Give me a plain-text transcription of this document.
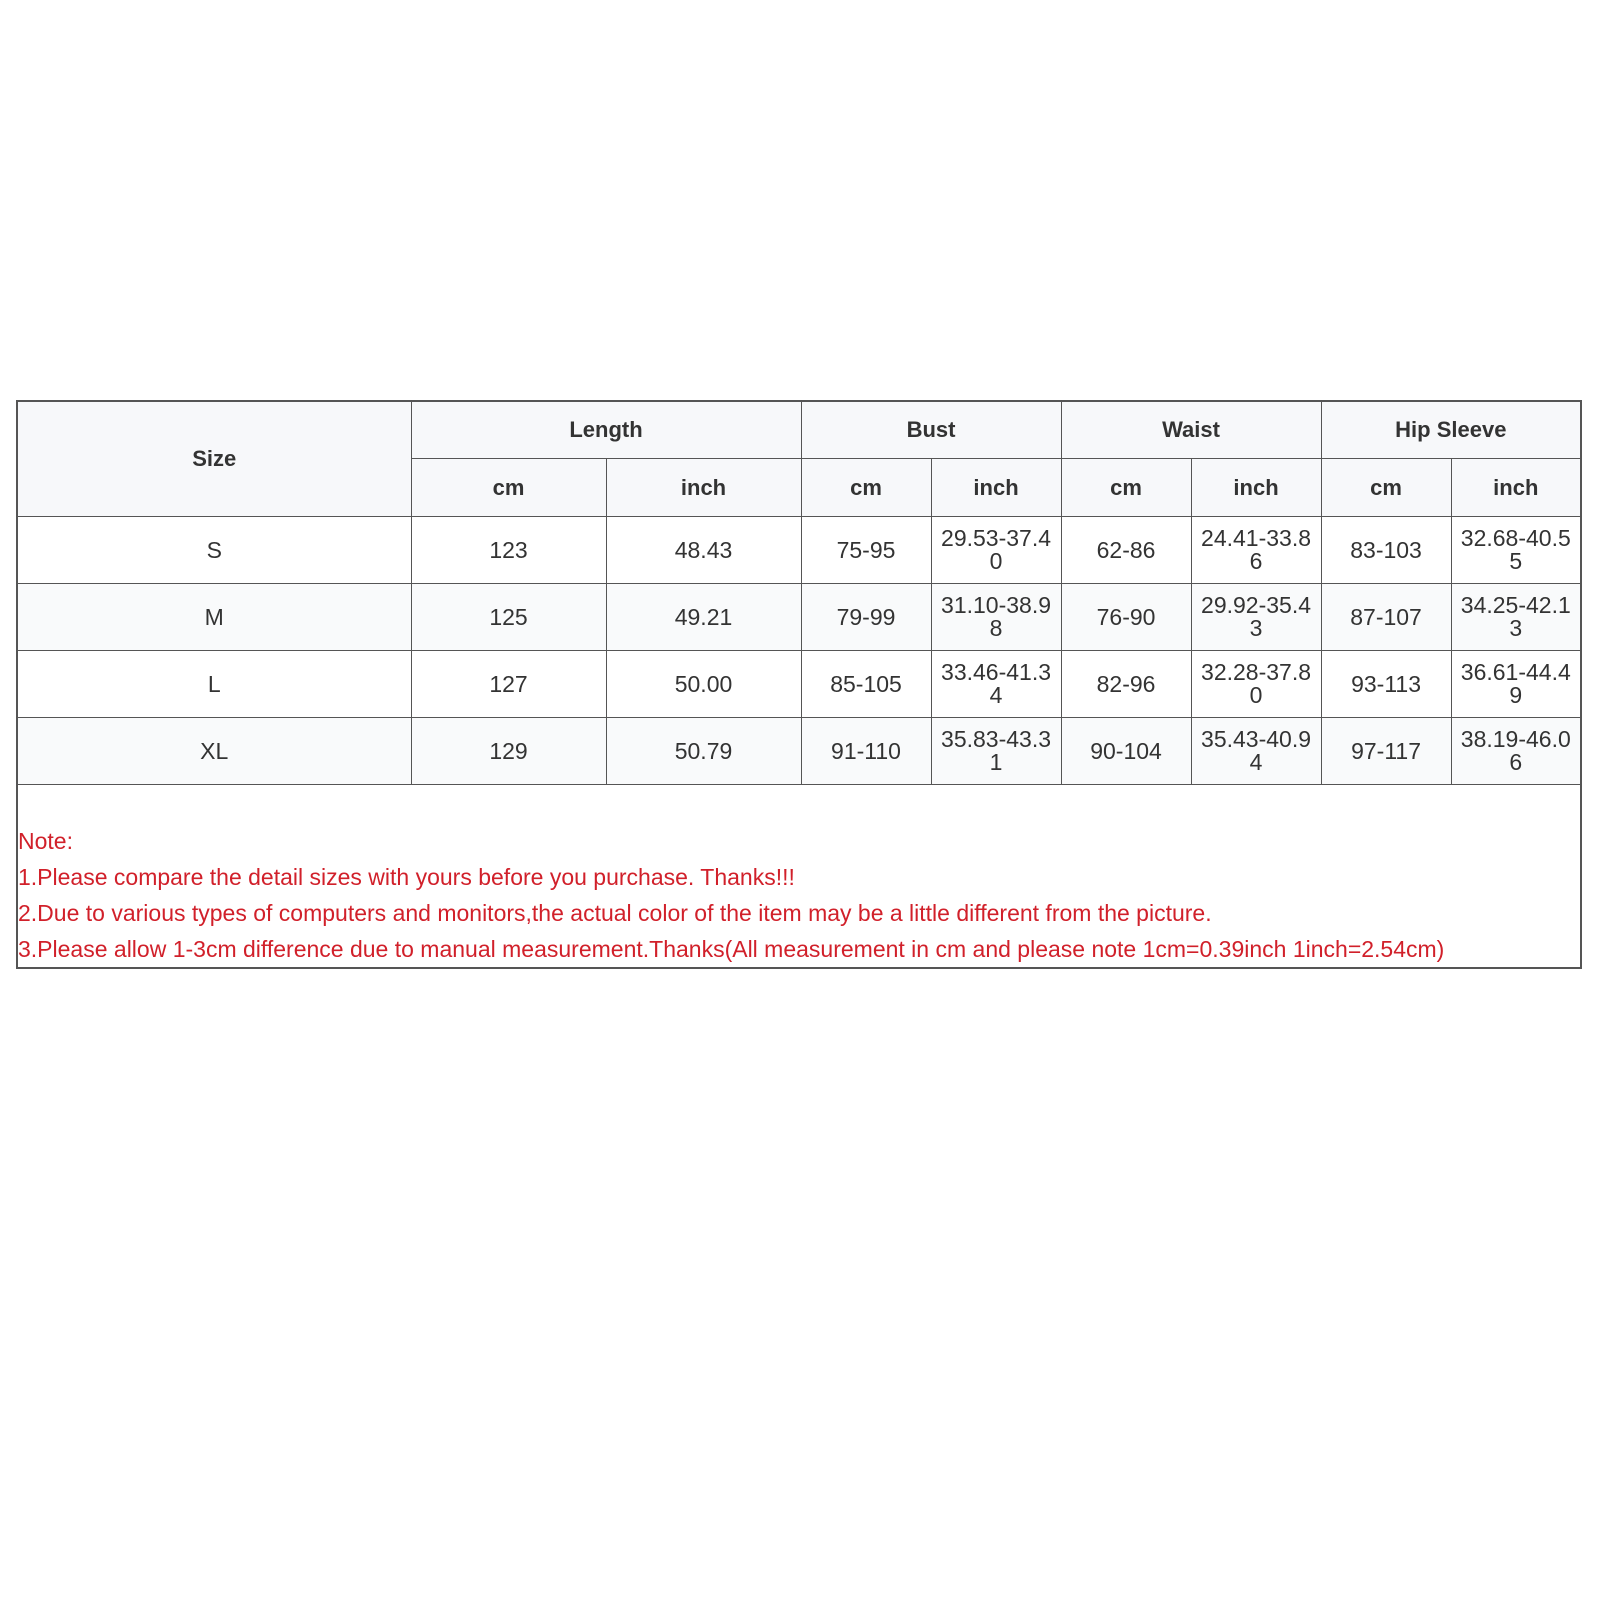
Size	Length		Bust		Waist		Hip Sleeve	
	cm	inch	cm	inch	cm	inch	cm	inch
S	123	48.43	75-95	29.53-37.40	62-86	24.41-33.86	83-103	32.68-40.55
M	125	49.21	79-99	31.10-38.98	76-90	29.92-35.43	87-107	34.25-42.13
L	127	50.00	85-105	33.46-41.34	82-96	32.28-37.80	93-113	36.61-44.49
XL	129	50.79	91-110	35.83-43.31	90-104	35.43-40.94	97-117	38.19-46.06
Note:
1.Please compare the detail sizes with yours before you purchase. Thanks!!!
2.Due to various types of computers and monitors,the actual color of the item may be a little different from the picture.
3.Please allow 1-3cm difference due to manual measurement.Thanks(All measurement in cm and please note 1cm=0.39inch 1inch=2.54cm)
